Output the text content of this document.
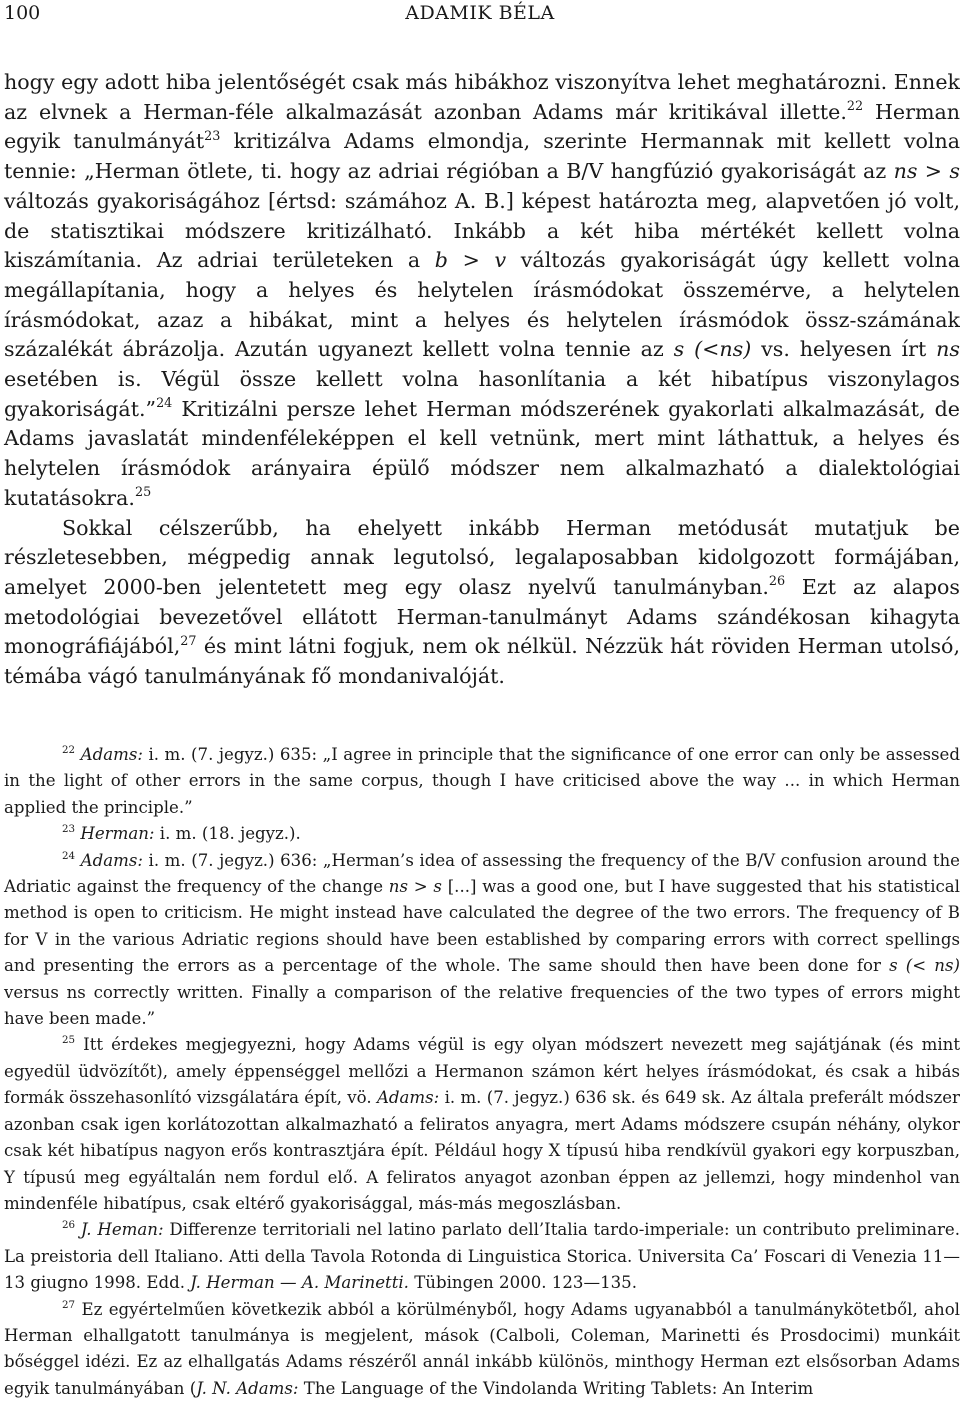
ADAMIK BÉLA
100

hogy egy adott hiba jelentőségét csak más hibákhoz viszonyítva lehet meghatározni. Ennek az elvnek a Herman-féle alkalmazását azonban Adams már kritikával illette.$^{22}$ Herman egyik tanulmányát$^{23}$ kritizálva Adams elmondja, szerinte Hermannak mit kellett volna tennie: „Herman ötlete, ti. hogy az adriai régióban a B/V hangfúzió gyakoriságát az ns > s változás gyakoriságához [értsd: számához A. B.] képest határozta meg, alapvetően jó volt, de statisztikai módszere kritizálható. Inkább a két hiba mértékét kellett volna kiszámítania. Az adriai területeken a b > v változás gyakoriságát úgy kellett volna megállapítania, hogy a helyes és helytelen írásmódokat összemérve, a helytelen írásmódokat, azaz a hibákat, mint a helyes és helytelen írásmódok össz-számának százalékát ábrázolja. Azután ugyanezt kellett volna tennie az s (<ns) vs. helyesen írt ns esetében is. Végül össze kellett volna hasonlítania a két hibatípus viszonylagos gyakoriságát.”$^{24}$ Kritizálni persze lehet Herman módszerének gyakorlati alkalmazását, de Adams javaslatát mindenféleképpen el kell vetnünk, mert mint láthattuk, a helyes és helytelen írásmódok arányaira épülő módszer nem alkalmazható a dialektológiai kutatásokra.$^{25}$

Sokkal célszerűbb, ha ehelyett inkább Herman metódusát mutatjuk be részletesebben, mégpedig annak legutolsó, legalaposabban kidolgozott formájában, amelyet 2000-ben jelentetett meg egy olasz nyelvű tanulmányban.$^{26}$ Ezt az alapos metodológiai bevezetővel ellátott Herman-tanulmányt Adams szándékosan kihagyta monográfiájából,$^{27}$ és mint látni fogjuk, nem ok nélkül. Nézzük hát röviden Herman utolsó, témába vágó tanulmányának fő mondanivalóját.

$^{22}$ Adams: i. m. (7. jegyz.) 635: „I agree in principle that the significance of one error can only be assessed in the light of other errors in the same corpus, though I have criticised above the way ... in which Herman applied the principle.”

$^{23}$ Herman: i. m. (18. jegyz.).

$^{24}$ Adams: i. m. (7. jegyz.) 636: „Herman’s idea of assessing the frequency of the B/V confusion around the Adriatic against the frequency of the change ns > s [...] was a good one, but I have suggested that his statistical method is open to criticism. He might instead have calculated the degree of the two errors. The frequency of B for V in the various Adriatic regions should have been established by comparing errors with correct spellings and presenting the errors as a percentage of the whole. The same should then have been done for s (< ns) versus ns correctly written. Finally a comparison of the relative frequencies of the two types of errors might have been made.”

$^{25}$ Itt érdekes megjegyezni, hogy Adams végül is egy olyan módszert nevezett meg sajátjának (és mint egyedül üdvözítőt), amely éppenséggel mellőzi a Hermanon számon kért helyes írásmódokat, és csak a hibás formák összehasonlító vizsgálatára épít, vö. Adams: i. m. (7. jegyz.) 636 sk. és 649 sk. Az általa preferált módszer azonban csak igen korlátozottan alkalmazható a feliratos anyagra, mert Adams módszere csupán néhány, olykor csak két hibatípus nagyon erős kontrasztjára épít. Például hogy X típusú hiba rendkívül gyakori egy korpuszban, Y típusú meg egyáltalán nem fordul elő. A feliratos anyagot azonban éppen az jellemzi, hogy mindenhol van mindenféle hibatípus, csak eltérő gyakorisággal, más-más megoszlásban.

$^{26}$ J. Heman: Differenze territoriali nel latino parlato dell’Italia tardo-imperiale: un contributo preliminare. La preistoria dell Italiano. Atti della Tavola Rotonda di Linguistica Storica. Universita Ca’ Foscari di Venezia 11—13 giugno 1998. Edd. J. Herman — A. Marinetti. Tübingen 2000. 123—135.

$^{27}$ Ez egyértelműen következik abból a körülményből, hogy Adams ugyanabból a tanulmánykötetből, ahol Herman elhallgatott tanulmánya is megjelent, mások (Calboli, Coleman, Marinetti és Prosdocimi) munkáit bőséggel idézi. Ez az elhallgatás Adams részéről annál inkább különös, minthogy Herman ezt elsősorban Adams egyik tanulmányában (J. N. Adams: The Language of the Vindolanda Writing Tablets: An Interim
